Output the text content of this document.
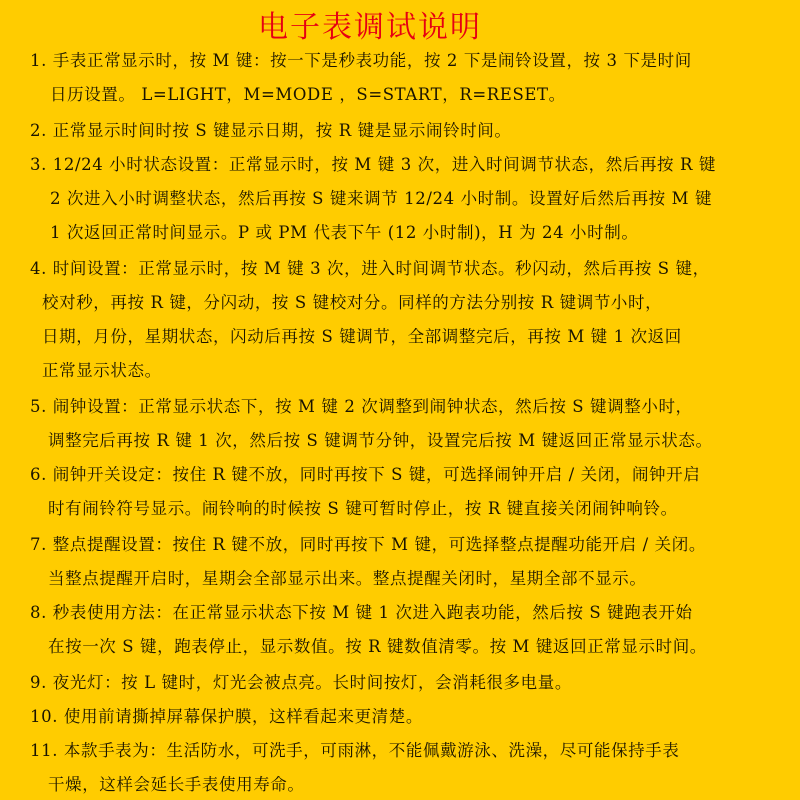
电子表调试说明
1. 手表正常显示时，按 M 键：按一下是秒表功能，按 2 下是闹铃设置，按 3 下是时间
日历设置。 L=LIGHT，M=MODE ，S=START，R=RESET。
2. 正常显示时间时按 S 键显示日期，按 R 键是显示闹铃时间。
3. 12/24 小时状态设置：正常显示时，按 M 键 3 次，进入时间调节状态，然后再按 R 键
2 次进入小时调整状态，然后再按 S 键来调节 12/24 小时制。设置好后然后再按 M 键
1 次返回正常时间显示。P 或 PM 代表下午 (12 小时制)，H 为 24 小时制。
4. 时间设置：正常显示时，按 M 键 3 次，进入时间调节状态。秒闪动，然后再按 S 键，
校对秒，再按 R 键，分闪动，按 S 键校对分。同样的方法分别按 R 键调节小时，
日期，月份，星期状态，闪动后再按 S 键调节，全部调整完后，再按 M 键 1 次返回
正常显示状态。
5. 闹钟设置：正常显示状态下，按 M 键 2 次调整到闹钟状态，然后按 S 键调整小时，
调整完后再按 R 键 1 次，然后按 S 键调节分钟，设置完后按 M 键返回正常显示状态。
6. 闹钟开关设定：按住 R 键不放，同时再按下 S 键，可选择闹钟开启 / 关闭，闹钟开启
时有闹铃符号显示。闹铃响的时候按 S 键可暂时停止，按 R 键直接关闭闹钟响铃。
7. 整点提醒设置：按住 R 键不放，同时再按下 M 键，可选择整点提醒功能开启 / 关闭。
当整点提醒开启时，星期会全部显示出来。整点提醒关闭时，星期全部不显示。
8. 秒表使用方法：在正常显示状态下按 M 键 1 次进入跑表功能，然后按 S 键跑表开始
在按一次 S 键，跑表停止，显示数值。按 R 键数值清零。按 M 键返回正常显示时间。
9. 夜光灯：按 L 键时，灯光会被点亮。长时间按灯，会消耗很多电量。
10. 使用前请撕掉屏幕保护膜，这样看起来更清楚。
11. 本款手表为：生活防水，可洗手，可雨淋，不能佩戴游泳、洗澡，尽可能保持手表
干燥，这样会延长手表使用寿命。
